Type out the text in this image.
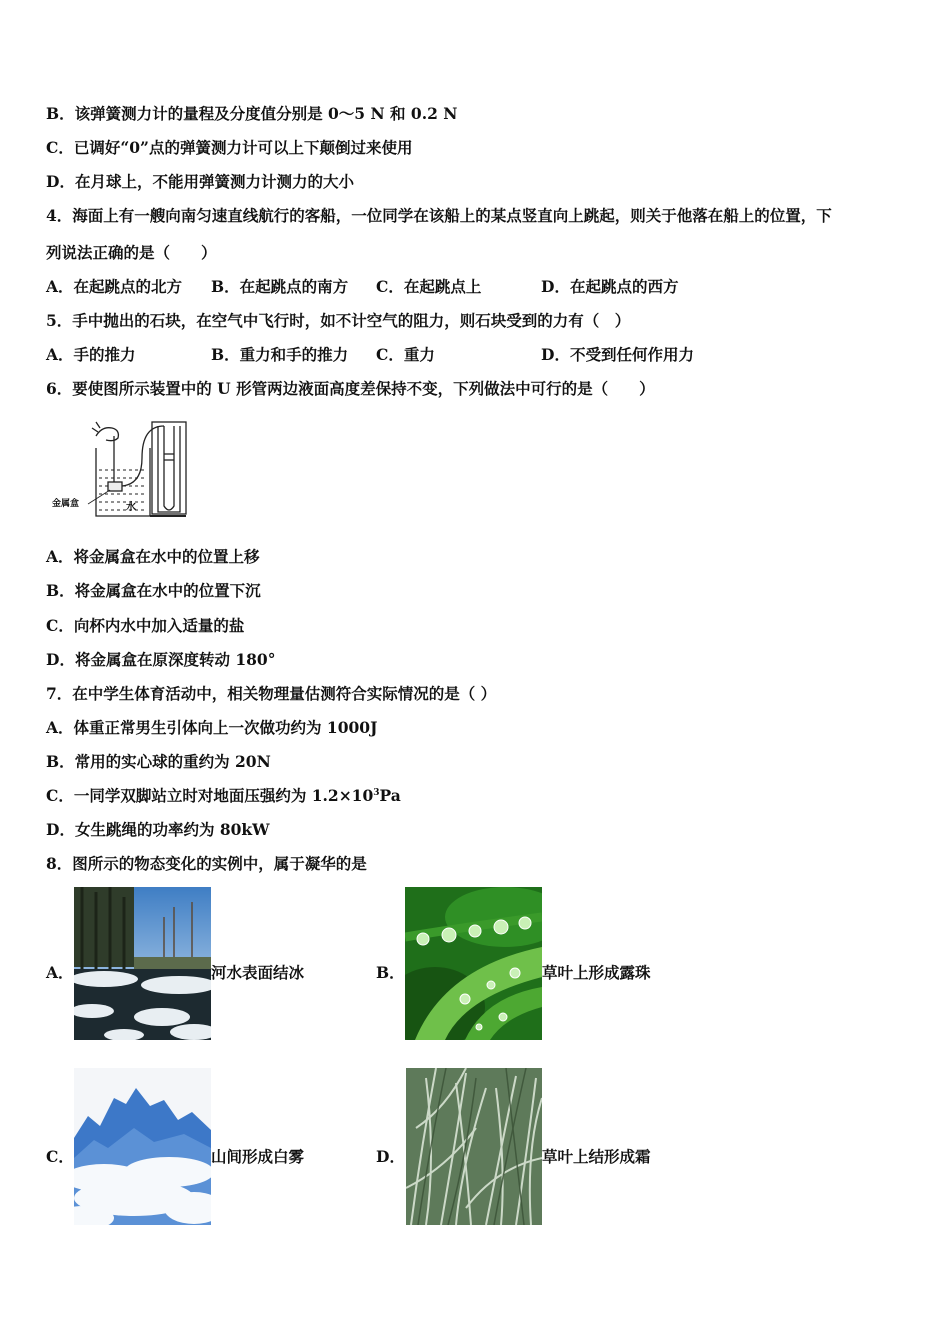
B．该弹簧测力计的量程及分度值分别是 0～5 N 和 0.2 N
C．已调好“0”点的弹簧测力计可以上下颠倒过来使用
D．在月球上，不能用弹簧测力计测力的大小
4．海面上有一艘向南匀速直线航行的客船，一位同学在该船上的某点竖直向上跳起，则关于他落在船上的位置，下
列说法正确的是（　　）
A．在起跳点的北方 B．在起跳点的南方 C．在起跳点上	D．在起跳点的西方
5．手中抛出的石块，在空气中飞行时，如不计空气的阻力，则石块受到的力有（　）
A．手的推力	B．重力和手的推力 C．重力	D．不受到任何作用力
6．要使图所示装置中的 U 形管两边液面高度差保持不变，下列做法中可行的是（　　）
金属盒	水
A．将金属盒在水中的位置上移
B．将金属盒在水中的位置下沉
C．向杯内水中加入适量的盐
D．将金属盒在原深度转动 180°
7．在中学生体育活动中，相关物理量估测符合实际情况的是（ ）
A．体重正常男生引体向上一次做功约为 1000J
B．常用的实心球的重约为 20N
C．一同学双脚站立时对地面压强约为 $1.2\times 10^3Pa$
D．女生跳绳的功率约为 80kW
8．图所示的物态变化的实例中，属于凝华的是
A．	河水表面结冰	B．	草叶上形成露珠
C．	山间形成白雾	D．	草叶上结形成霜
